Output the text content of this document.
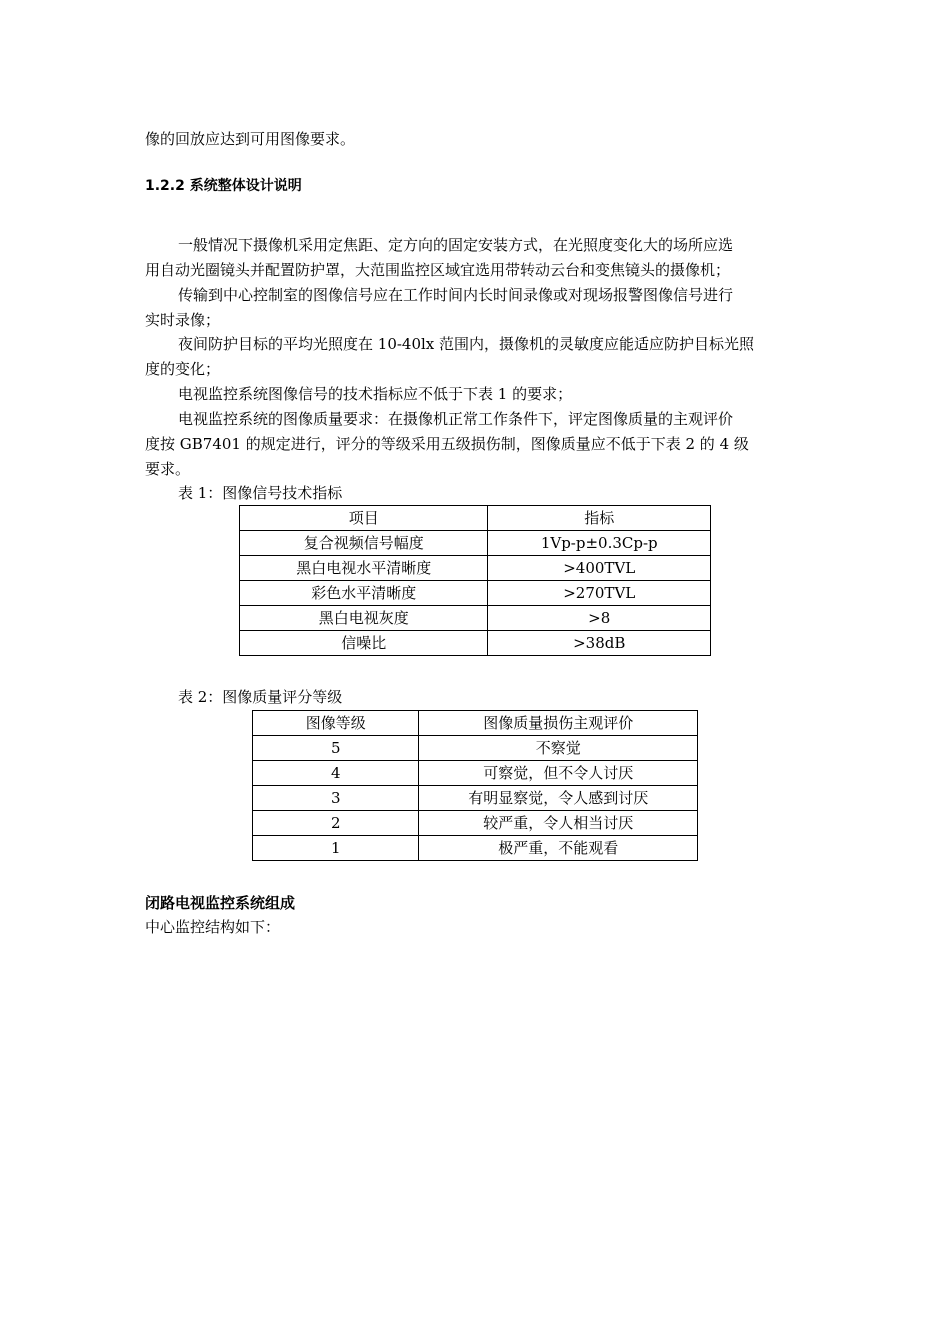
像的回放应达到可用图像要求。
1.2.2 系统整体设计说明
一般情况下摄像机采用定焦距、定方向的固定安装方式，在光照度变化大的场所应选
用自动光圈镜头并配置防护罩，大范围监控区域宜选用带转动云台和变焦镜头的摄像机；
传输到中心控制室的图像信号应在工作时间内长时间录像或对现场报警图像信号进行
实时录像；
夜间防护目标的平均光照度在 10-40lx 范围内，摄像机的灵敏度应能适应防护目标光照
度的变化；
电视监控系统图像信号的技术指标应不低于下表 1 的要求；
电视监控系统的图像质量要求：在摄像机正常工作条件下，评定图像质量的主观评价
度按 GB7401 的规定进行，评分的等级采用五级损伤制，图像质量应不低于下表 2 的 4 级
要求。
表 1：图像信号技术指标
项目	指标
复合视频信号幅度	1Vp-p±0.3Cp-p
黑白电视水平清晰度	>400TVL
彩色水平清晰度	>270TVL
黑白电视灰度	>8
信噪比	>38dB
表 2：图像质量评分等级
图像等级	图像质量损伤主观评价
5	不察觉
4	可察觉，但不令人讨厌
3	有明显察觉，令人感到讨厌
2	较严重，令人相当讨厌
1	极严重，不能观看
闭路电视监控系统组成
中心监控结构如下：
